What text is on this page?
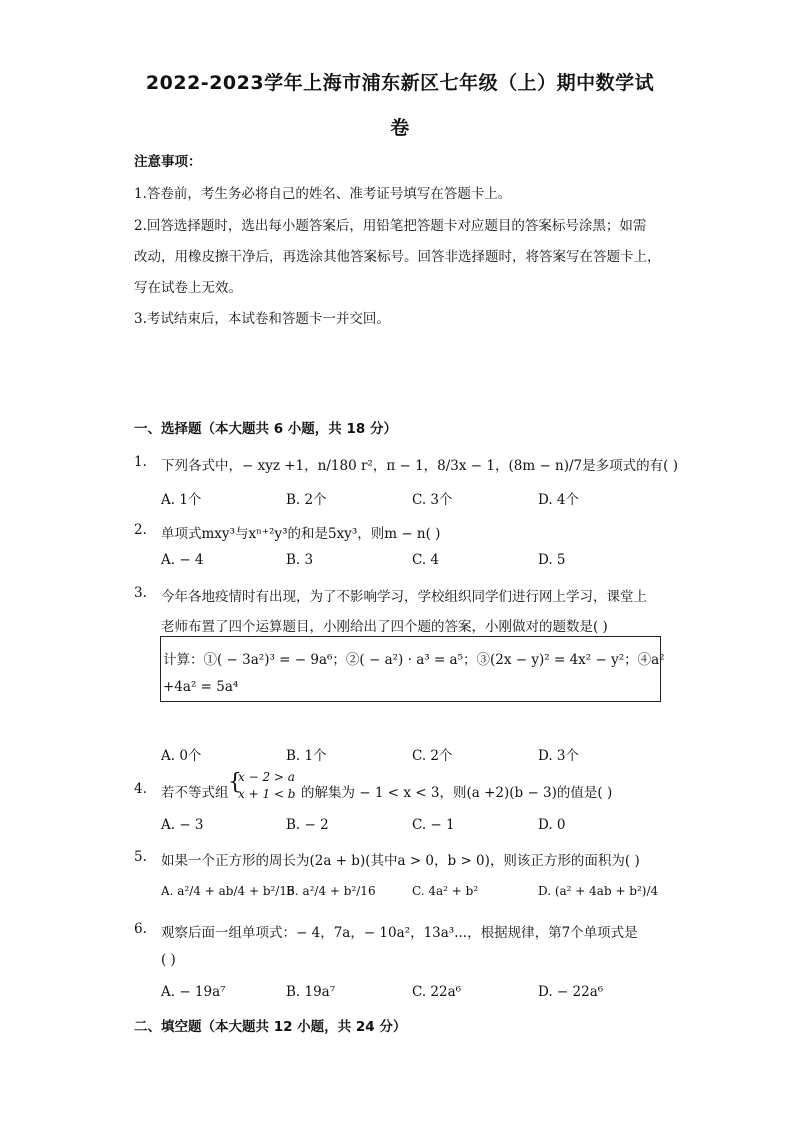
2022-2023学年上海市浦东新区七年级（上）期中数学试
卷
注意事项：
1.答卷前，考生务必将自己的姓名、准考证号填写在答题卡上。
2.回答选择题时，选出每小题答案后，用铅笔把答题卡对应题目的答案标号涂黑；如需
改动，用橡皮擦干净后，再选涂其他答案标号。回答非选择题时，将答案写在答题卡上，
写在试卷上无效。
3.考试结束后，本试卷和答题卡一并交回。
一、选择题（本大题共 6 小题，共 18 分）
1. 下列各式中，− xyz +1，n/180 r²，π − 1，8/3x − 1，(8m − n)/7是多项式的有( )
A. 1个	B. 2个	C. 3个	D. 4个
2. 单项式mxy³与xⁿ⁺²y³的和是5xy³，则m − n( )
A. − 4	B. 3	C. 4	D. 5
3. 今年各地疫情时有出现，为了不影响学习，学校组织同学们进行网上学习，课堂上
老师布置了四个运算题目，小刚给出了四个题的答案，小刚做对的题数是( )
计算：①( − 3a²)³ = − 9a⁶；②( − a²) · a³ = a⁵；③(2x − y)² = 4x² − y²；④a²
+4a² = 5a⁴
A. 0个	B. 1个	C. 2个	D. 3个
4. 若不等式组 {
x − 2 > a
x + 1 < b 的解集为 − 1 < x < 3，则(a +2)(b − 3)的值是( )
A. − 3	B. − 2	C. − 1	D. 0
5. 如果一个正方形的周长为(2a + b)(其中a > 0，b > 0)，则该正方形的面积为( )
A. a²/4 + ab/4 + b²/16
B. a²/4 + b²/16	C. 4a² + b²	D. (a² + 4ab + b²)/4
6. 观察后面一组单项式：− 4，7a，− 10a²，13a³...，根据规律，第7个单项式是
( )
A. − 19a⁷	B. 19a⁷	C. 22a⁶	D. − 22a⁶
二、填空题（本大题共 12 小题，共 24 分）
